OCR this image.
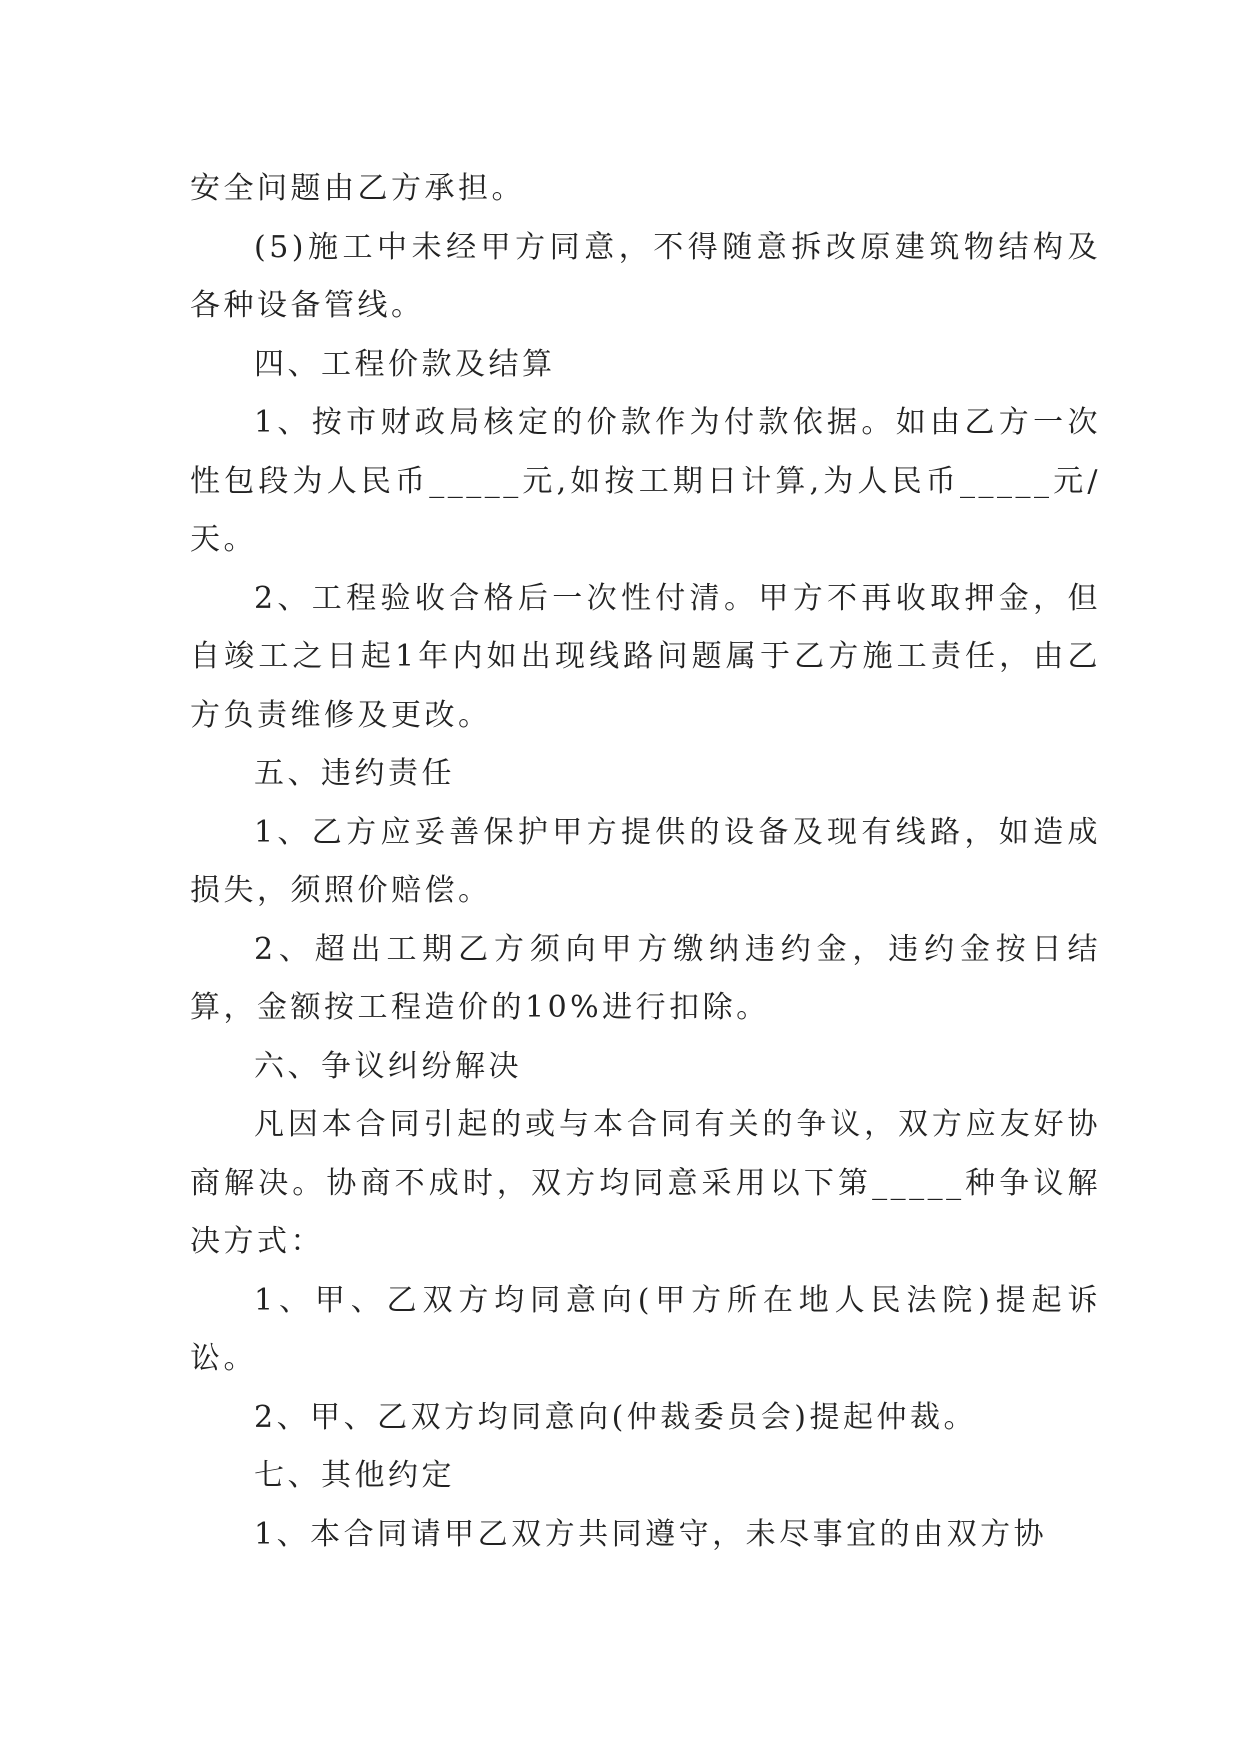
安全问题由乙方承担。

(5)施工中未经甲方同意，不得随意拆改原建筑物结构及各种设备管线。

四、工程价款及结算

1、按市财政局核定的价款作为付款依据。如由乙方一次性包段为人民币_____元,如按工期日计算,为人民币_____元/天。

2、工程验收合格后一次性付清。甲方不再收取押金，但自竣工之日起1年内如出现线路问题属于乙方施工责任，由乙方负责维修及更改。

五、违约责任

1、乙方应妥善保护甲方提供的设备及现有线路，如造成损失，须照价赔偿。

2、超出工期乙方须向甲方缴纳违约金，违约金按日结算，金额按工程造价的10%进行扣除。

六、争议纠纷解决

凡因本合同引起的或与本合同有关的争议，双方应友好协商解决。协商不成时，双方均同意采用以下第_____种争议解决方式：

1、甲、乙双方均同意向(甲方所在地人民法院)提起诉讼。

2、甲、乙双方均同意向(仲裁委员会)提起仲裁。

七、其他约定

1、本合同请甲乙双方共同遵守，未尽事宜的由双方协
